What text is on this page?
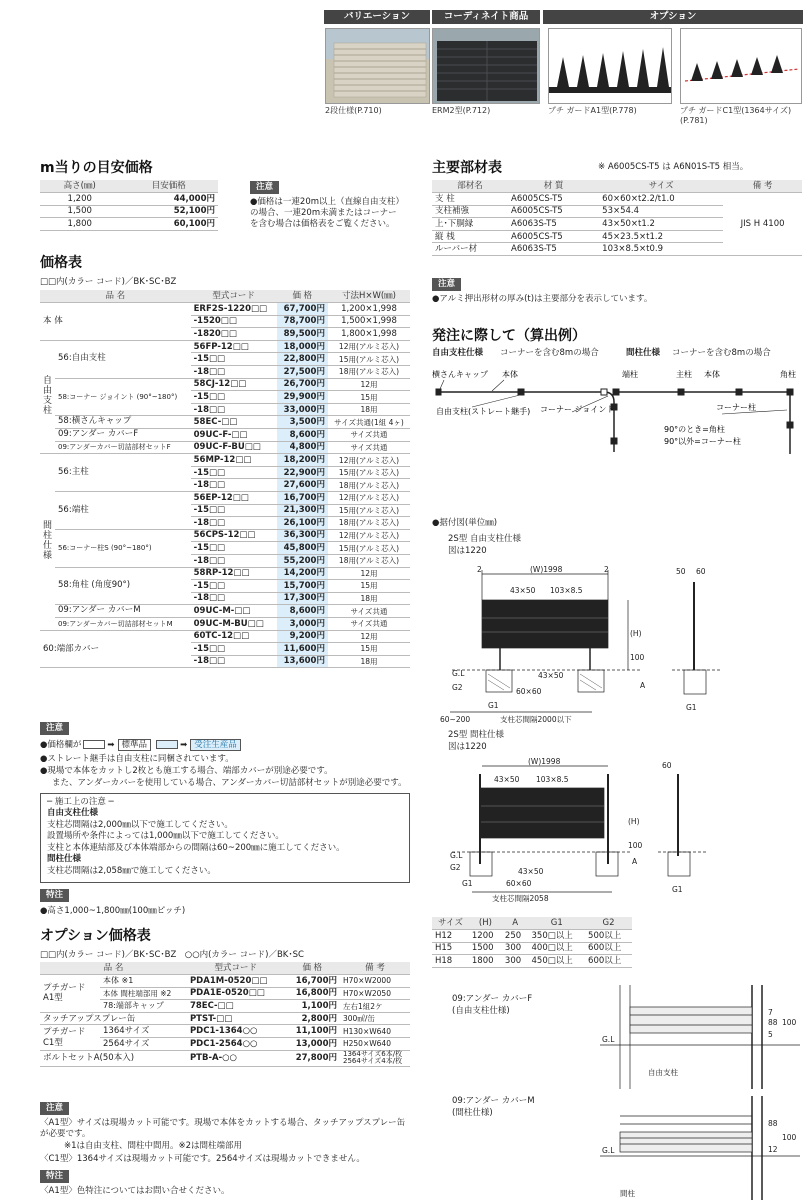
バリエーション	コーディネイト商品	オプション
2段仕様(P.710)	ERM2型(P.712)	プチ ガードA1型(P.778)	プチ ガードC1型(1364サイズ)
(P.781)
m当りの目安価格
高さ(㎜)	目安価格
1,200	44,000円
1,500	52,100円
1,800	60,100円
注意
●価格は一連20m以上（直線自由支柱）の場合、一連20m未満またはコーナーを含む場合は価格表をご覧ください。
価格表
□□内(カラー コード)／BK･SC･BZ
品 名		型式コード	価 格	寸法H×W(㎜)
本 体		ERF2S-1220□□	67,700円	1,200×1,998
		-1520□□	78,700円	1,500×1,998
		-1820□□	89,500円	1,800×1,998
自由支柱	56:自由支柱	56FP-12□□	18,000円	12用(アルミ芯入)
		-15□□	22,800円	15用(アルミ芯入)
		-18□□	27,500円	18用(アルミ芯入)
	58:コーナー ジョイント (90°~180°)	58CJ-12□□	26,700円	12用
		-15□□	29,900円	15用
		-18□□	33,000円	18用
	58:横さんキャップ	58EC-□□	3,500円	サイズ共通(1組 4ヶ)
	09:アンダー カバーF	09UC-F-□□	8,600円	サイズ共通
	09:アンダーカバー切詰部材セットF	09UC-F-BU□□	4,800円	サイズ共通
間柱仕様	56:主柱	56MP-12□□	18,200円	12用(アルミ芯入)
		-15□□	22,900円	15用(アルミ芯入)
		-18□□	27,600円	18用(アルミ芯入)
	56:端柱	56EP-12□□	16,700円	12用(アルミ芯入)
		-15□□	21,300円	15用(アルミ芯入)
		-18□□	26,100円	18用(アルミ芯入)
	56:コーナー柱S (90°~180°)	56CPS-12□□	36,300円	12用(アルミ芯入)
		-15□□	45,800円	15用(アルミ芯入)
		-18□□	55,200円	18用(アルミ芯入)
	58:角柱 (角度90°)	58RP-12□□	14,200円	12用
		-15□□	15,700円	15用
		-18□□	17,300円	18用
	09:アンダー カバーM	09UC-M-□□	8,600円	サイズ共通
	09:アンダーカバー切詰部材セットM	09UC-M-BU□□	3,000円	サイズ共通
60:端部カバー		60TC-12□□	9,200円	12用
		-15□□	11,600円	15用
		-18□□	13,600円	18用
注意
●価格欄が	➡ 標準品	➡ 受注生産品
●ストレート継手は自由支柱に同梱されています。
●現場で本体をカットし2枚とも施工する場合、端部カバーが別途必要です。
また、アンダーカバーを使用している場合、アンダーカバー切詰部材セットが別途必要です。
─ 施工上の注意 ─
自由支柱仕様
支柱芯間隔は2,000㎜以下で施工してください。
設置場所や条件によっては1,000㎜以下で施工してください。
支柱と本体連結部及び本体端部からの間隔は60~200㎜に施工してください。
間柱仕様
支柱芯間隔は2,058㎜で施工してください。
特注
●高さ1,000~1,800㎜(100㎜ピッチ)
オプション価格表
□□内(カラー コード)／BK･SC･BZ　○○内(カラー コード)／BK･SC
品 名		型式コード	価 格	備 考
プチガード A1型	本体 ※1	PDA1M-0520□□	16,700円	H70×W2000
	本体 間柱端部用 ※2	PDA1E-0520□□	16,800円	H70×W2050
	78:端部キャップ	78EC-□□	1,100円	左右1組2ケ
タッチアップスプレー缶		PTST-□□	2,800円	300㎖/缶
プチガード C1型	1364サイズ	PDC1-1364○○	11,100円	H130×W640
	2564サイズ	PDC1-2564○○	13,000円	H250×W640
ボルトセットA(50本入)		PTB-A-○○	27,800円	1364サイズ6本/枚 2564サイズ4本/枚
注意
〈A1型〉サイズは現場カット可能です。現場で本体をカットする場合、タッチアップスプレー缶が必要です。
※1は自由支柱、間柱中間用。※2は間柱端部用
〈C1型〉1364サイズは現場カット可能です。2564サイズは現場カットできません。
特注
〈A1型〉色特注についてはお問い合せください。
主要部材表	※ A6005CS-T5 は A6N01S-T5 相当。
部材名	材 質	サイズ	備 考
支 柱	A6005CS-T5	60×60×t2.2/t1.0	JIS H 4100
支柱補強	A6005CS-T5	53×54.4	
上･下胴縁	A6063S-T5	43×50×t1.2	
縦 桟	A6005CS-T5	45×23.5×t1.2	
ルーバー材	A6063S-T5	103×8.5×t0.9	
注意
●アルミ押出形材の厚み(t)は主要部分を表示しています。
発注に際して（算出例）
自由支柱仕様 コーナーを含む8mの場合	間柱仕様 コーナーを含む8mの場合
横さんキャップ 本体
自由支柱(ストレート継手) コーナー ジョイント
端柱	主柱 本体	角柱
コーナー柱
90°のとき=角柱
90°以外=コーナー柱
●据付図(単位㎜)
2S型 自由支柱仕様
図は1220
2	(W)1998	2
43×50 103×8.5
(H)
100
A
G.L
G2
43×50
60×60
60~200	支柱芯間隔2000以下
G1
50 60
G1
2S型 間柱仕様
図は1220
(W)1998
43×50 103×8.5
(H)
100
A
G.L
G2	43×50
60×60
G1
支柱芯間隔2058
60
G1
サイズ	(H)	A	G1	G2
H12	1200	250	350□以上	500以上
H15	1500	300	400□以上	600以上
H18	1800	300	450□以上	600以上
09:アンダー カバーF
(自由支柱仕様)
G.L
自由支柱
7
88 100
5
09:アンダー カバーM
(間柱仕様)
G.L
間柱
88
100
12
